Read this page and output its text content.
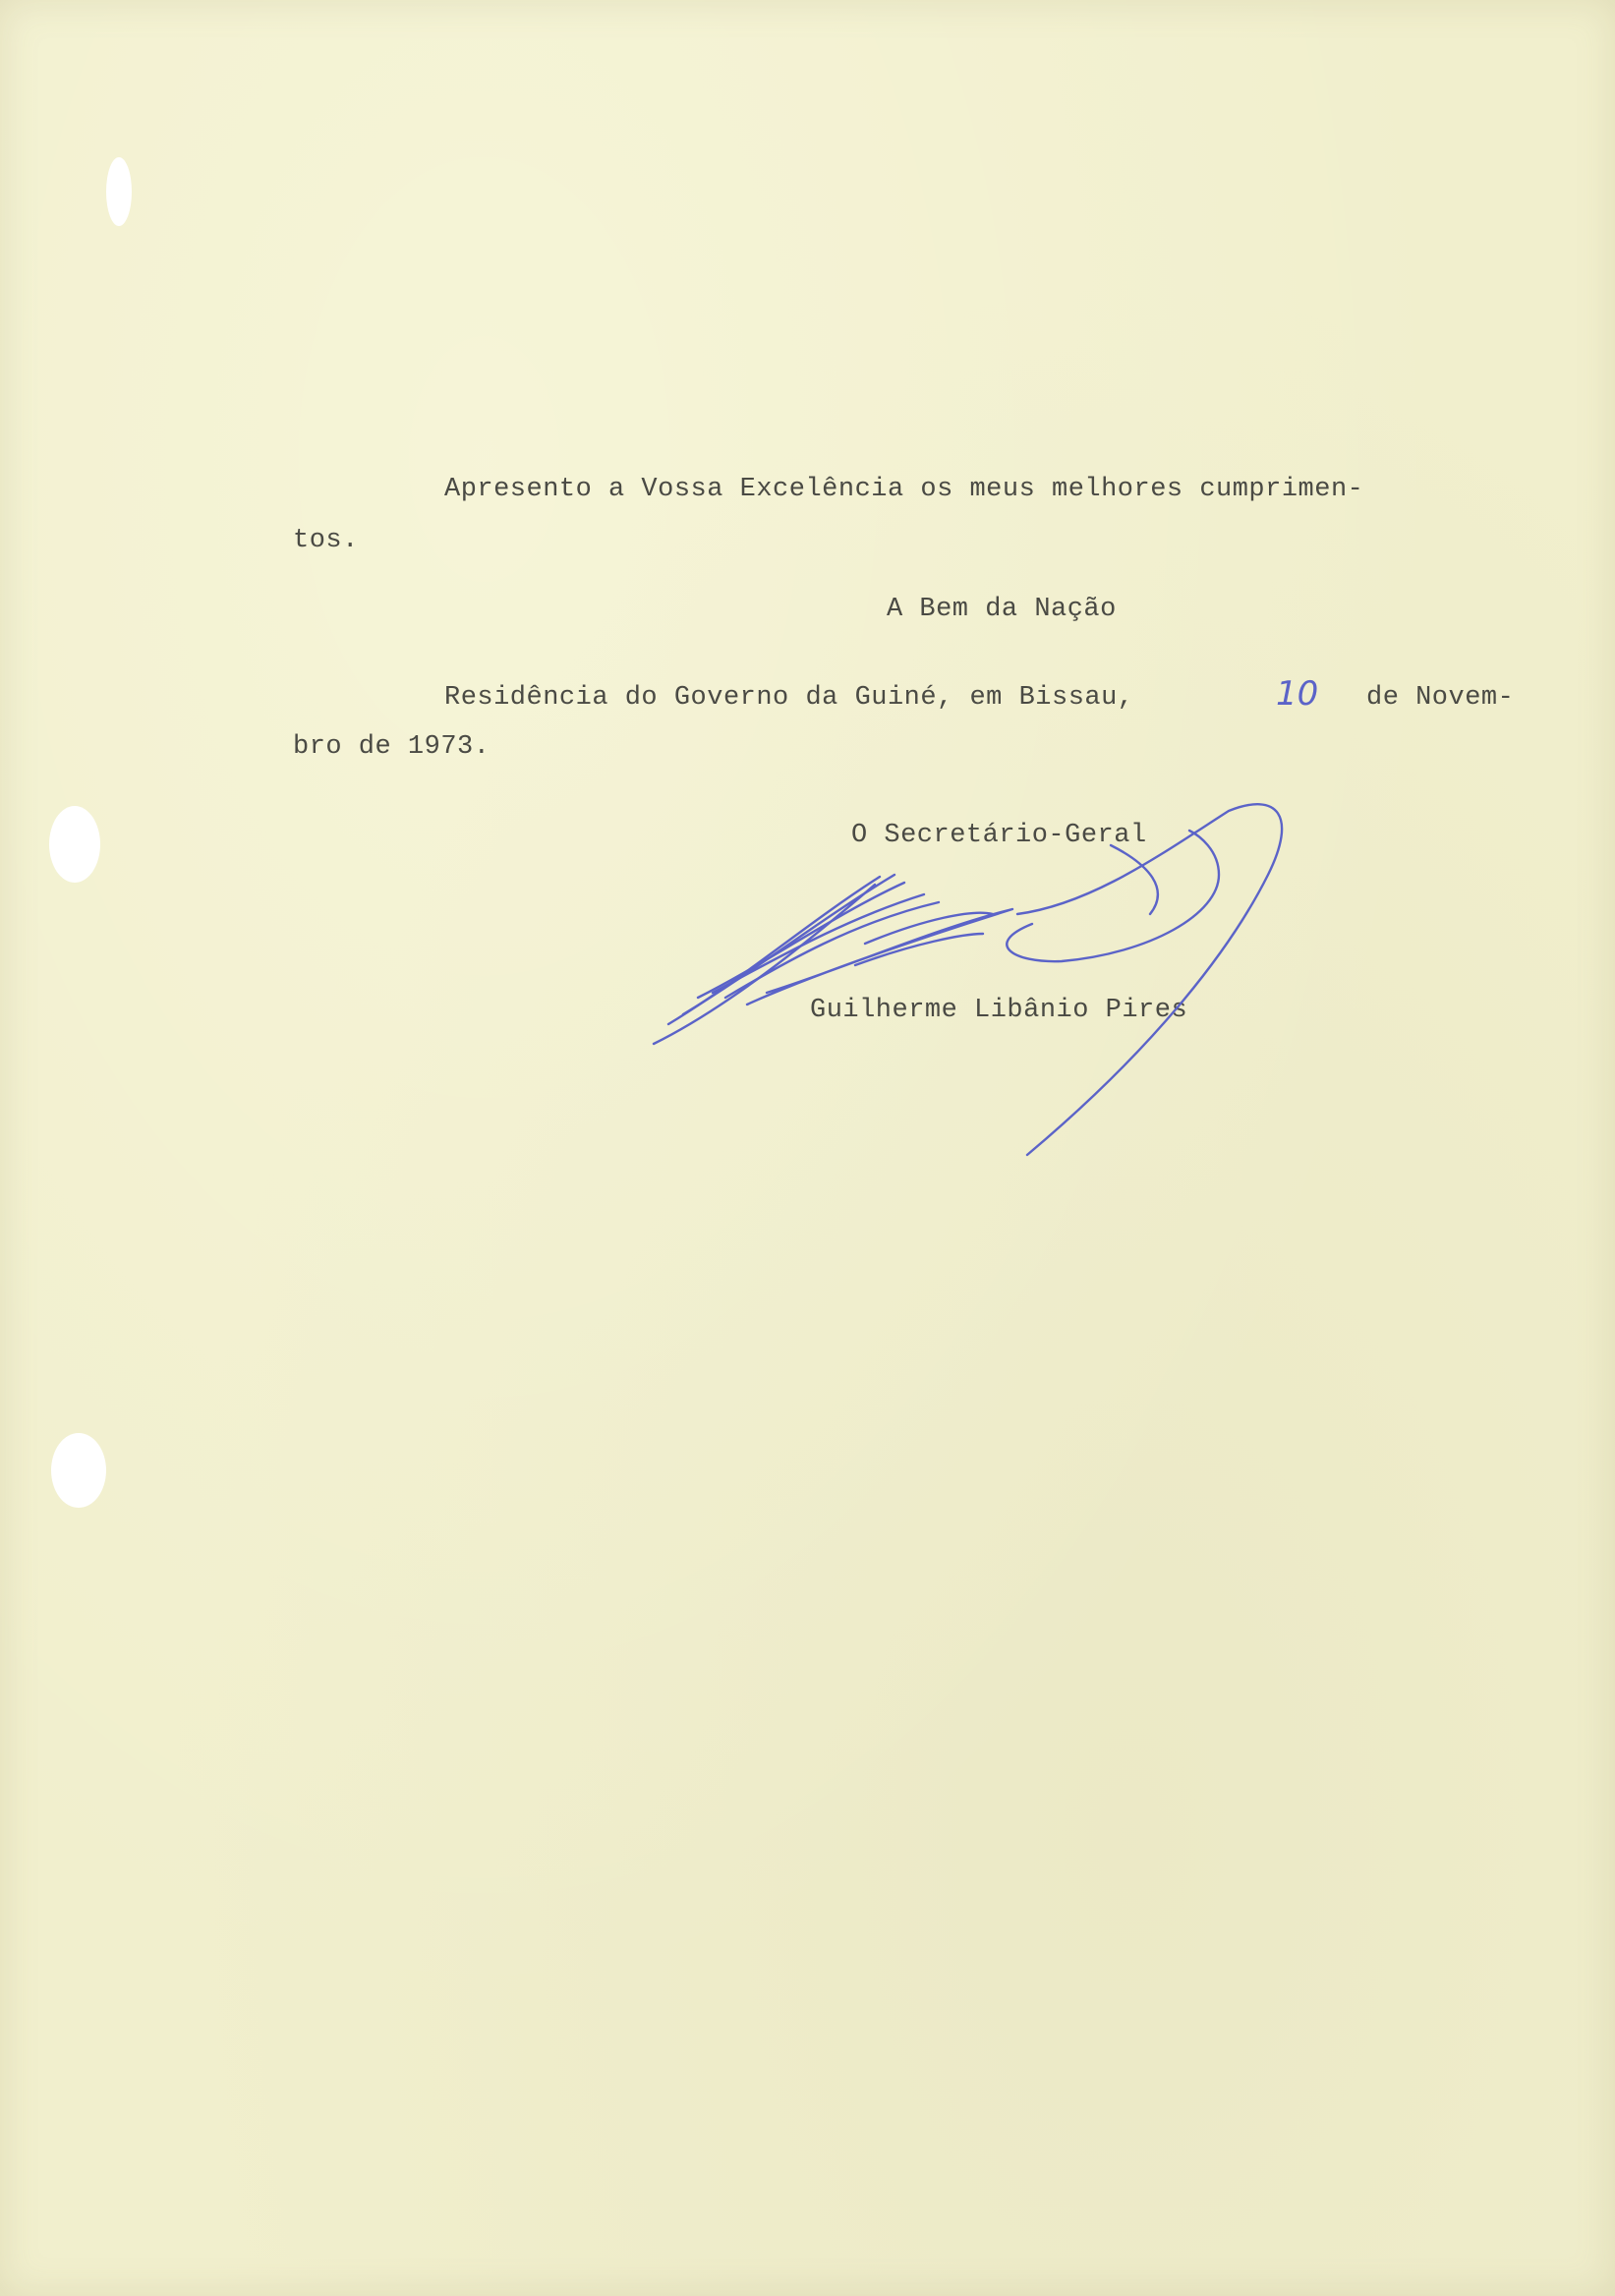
Apresento a Vossa Excelência os meus melhores cumprimen-
tos.
A Bem da Nação
Residência do Governo da Guiné, em Bissau,	10 de Novem-
bro de 1973.
O Secretário-Geral
Guilherme Libânio Pires
